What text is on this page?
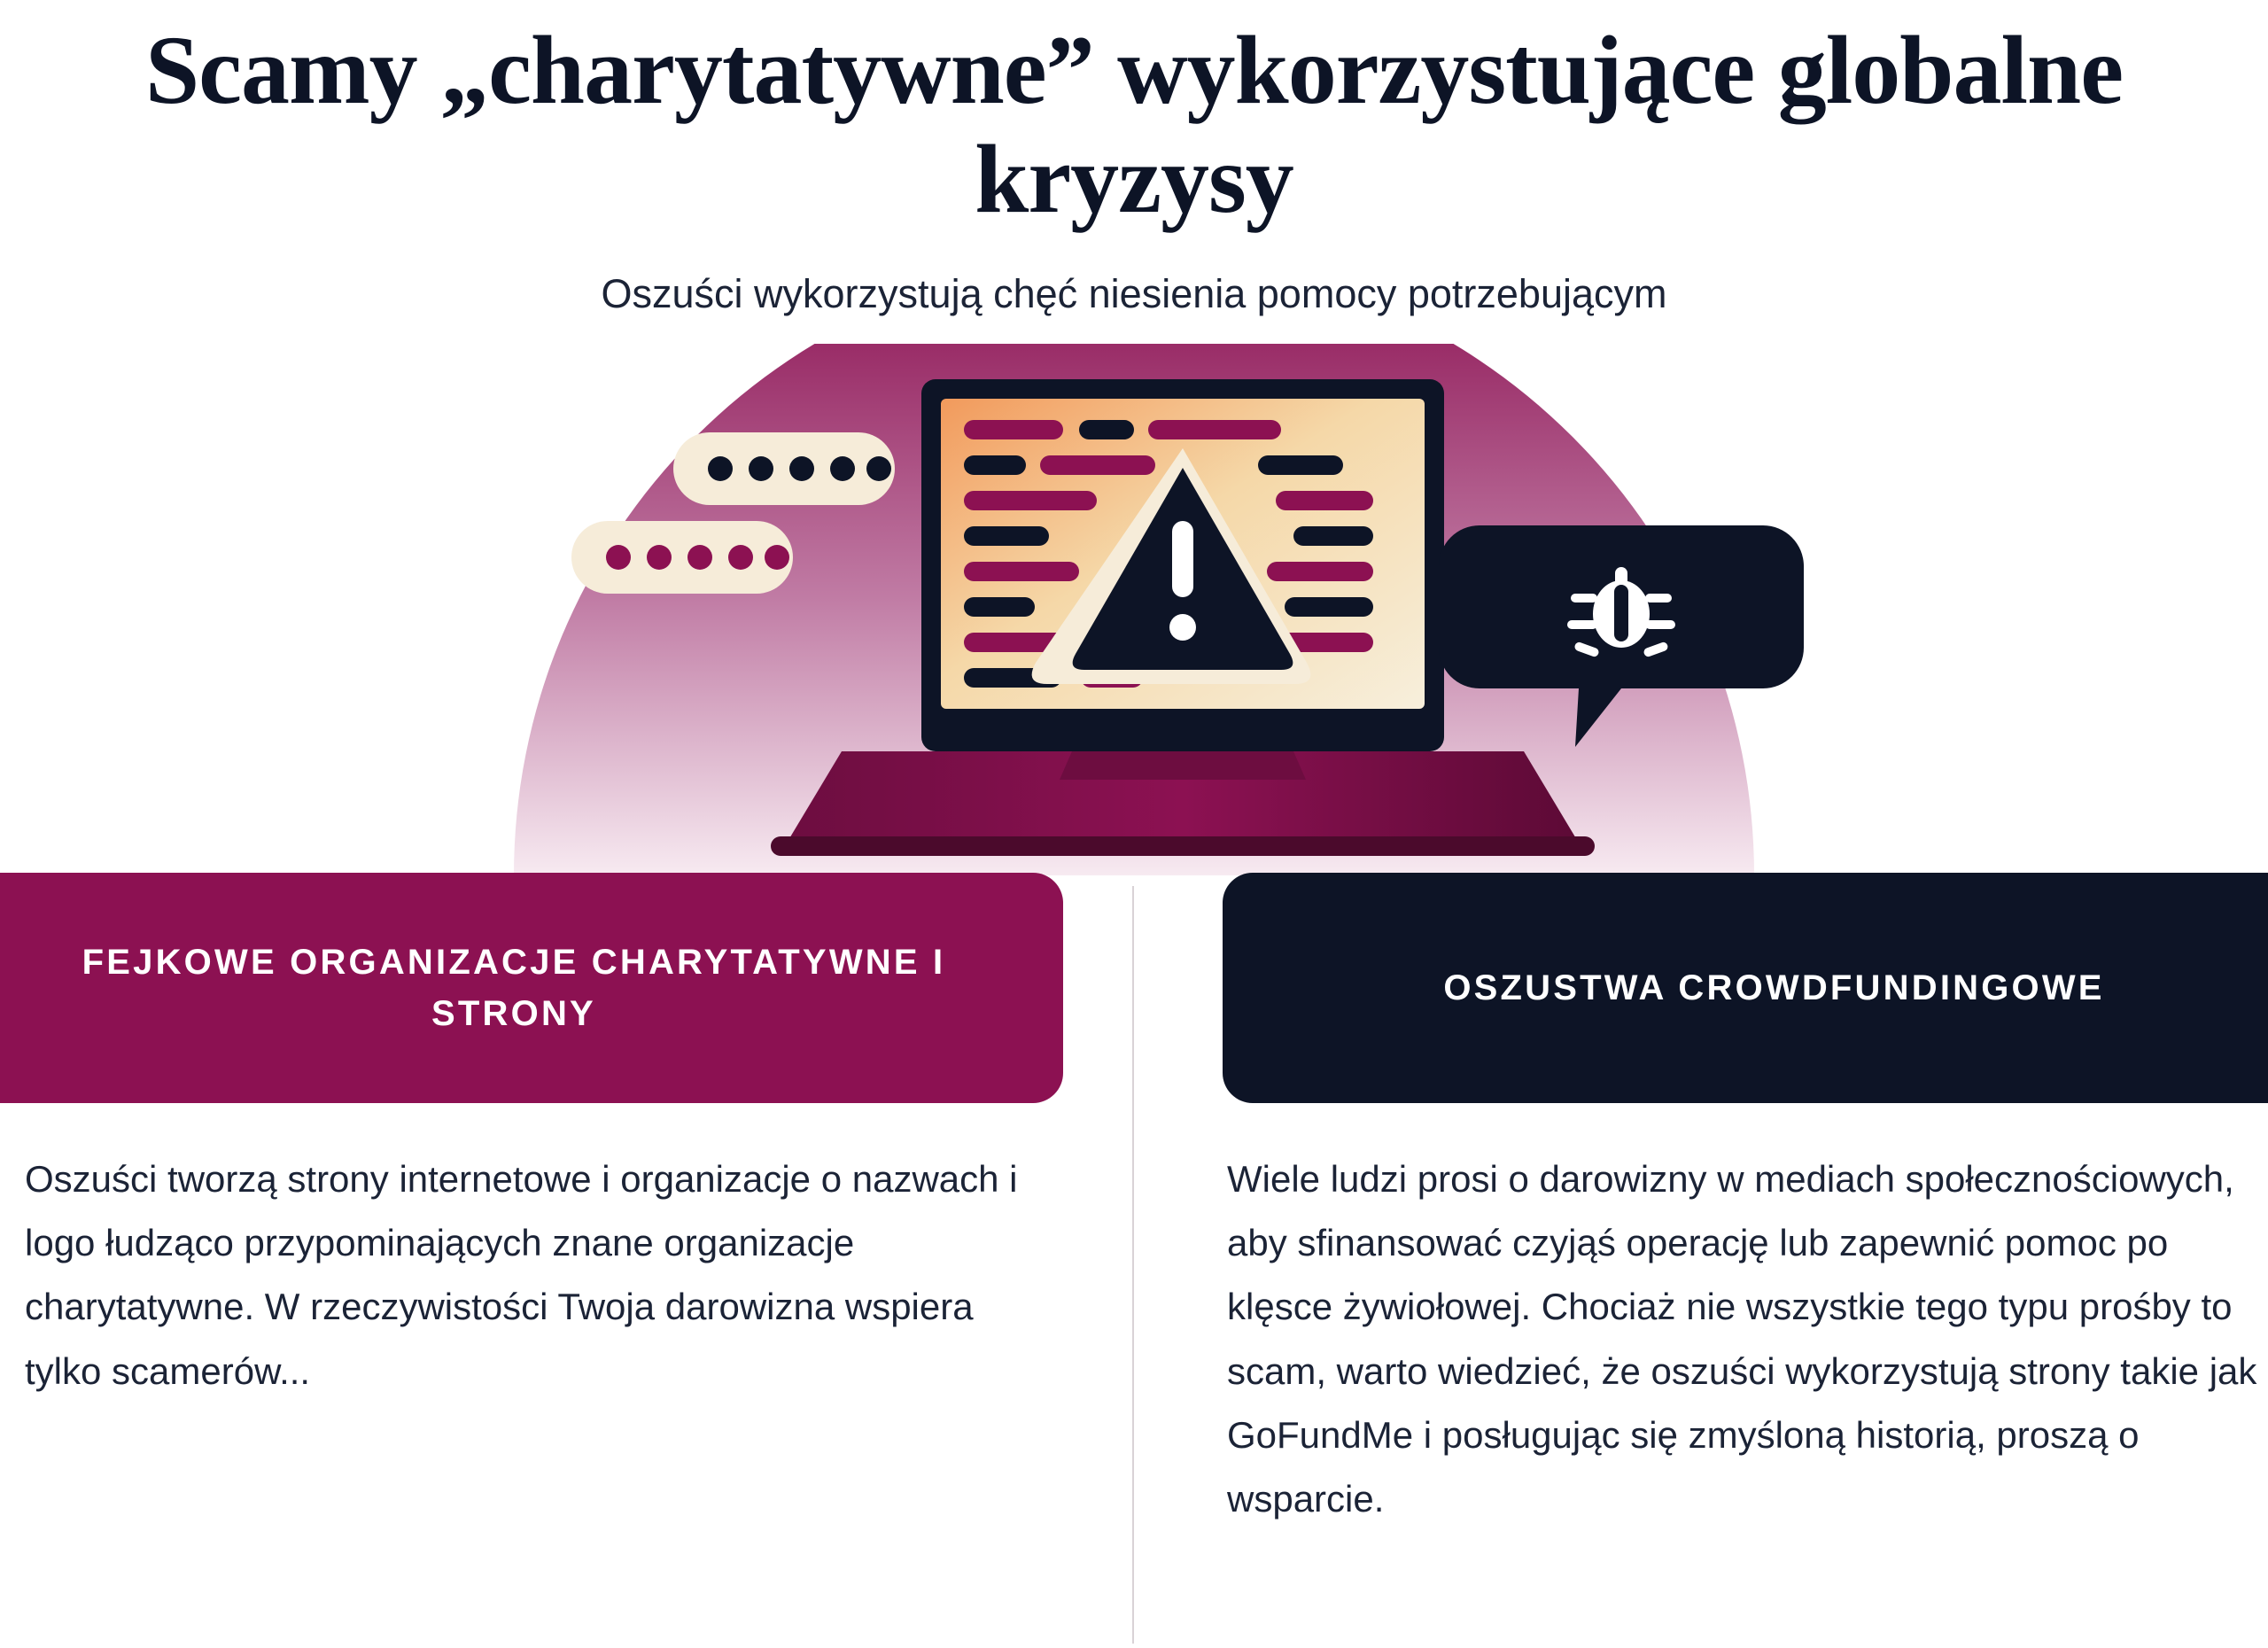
Scamy „charytatywne” wykorzystujące globalne kryzysy

Oszuści wykorzystują chęć niesienia pomocy potrzebującym

FEJKOWE ORGANIZACJE CHARYTATYWNE I STRONY
OSZUSTWA CROWDFUNDINGOWE
Oszuści tworzą strony internetowe i organizacje o nazwach i logo łudząco przypominających znane organizacje charytatywne. W rzeczywistości Twoja darowizna wspiera tylko scamerów...
Wiele ludzi prosi o darowizny w mediach społecznościowych, aby sfinansować czyjąś operację lub zapewnić pomoc po klęsce żywiołowej. Chociaż nie wszystkie tego typu prośby to scam, warto wiedzieć, że oszuści wykorzystują strony takie jak GoFundMe i posługując się zmyśloną historią, proszą o wsparcie.
